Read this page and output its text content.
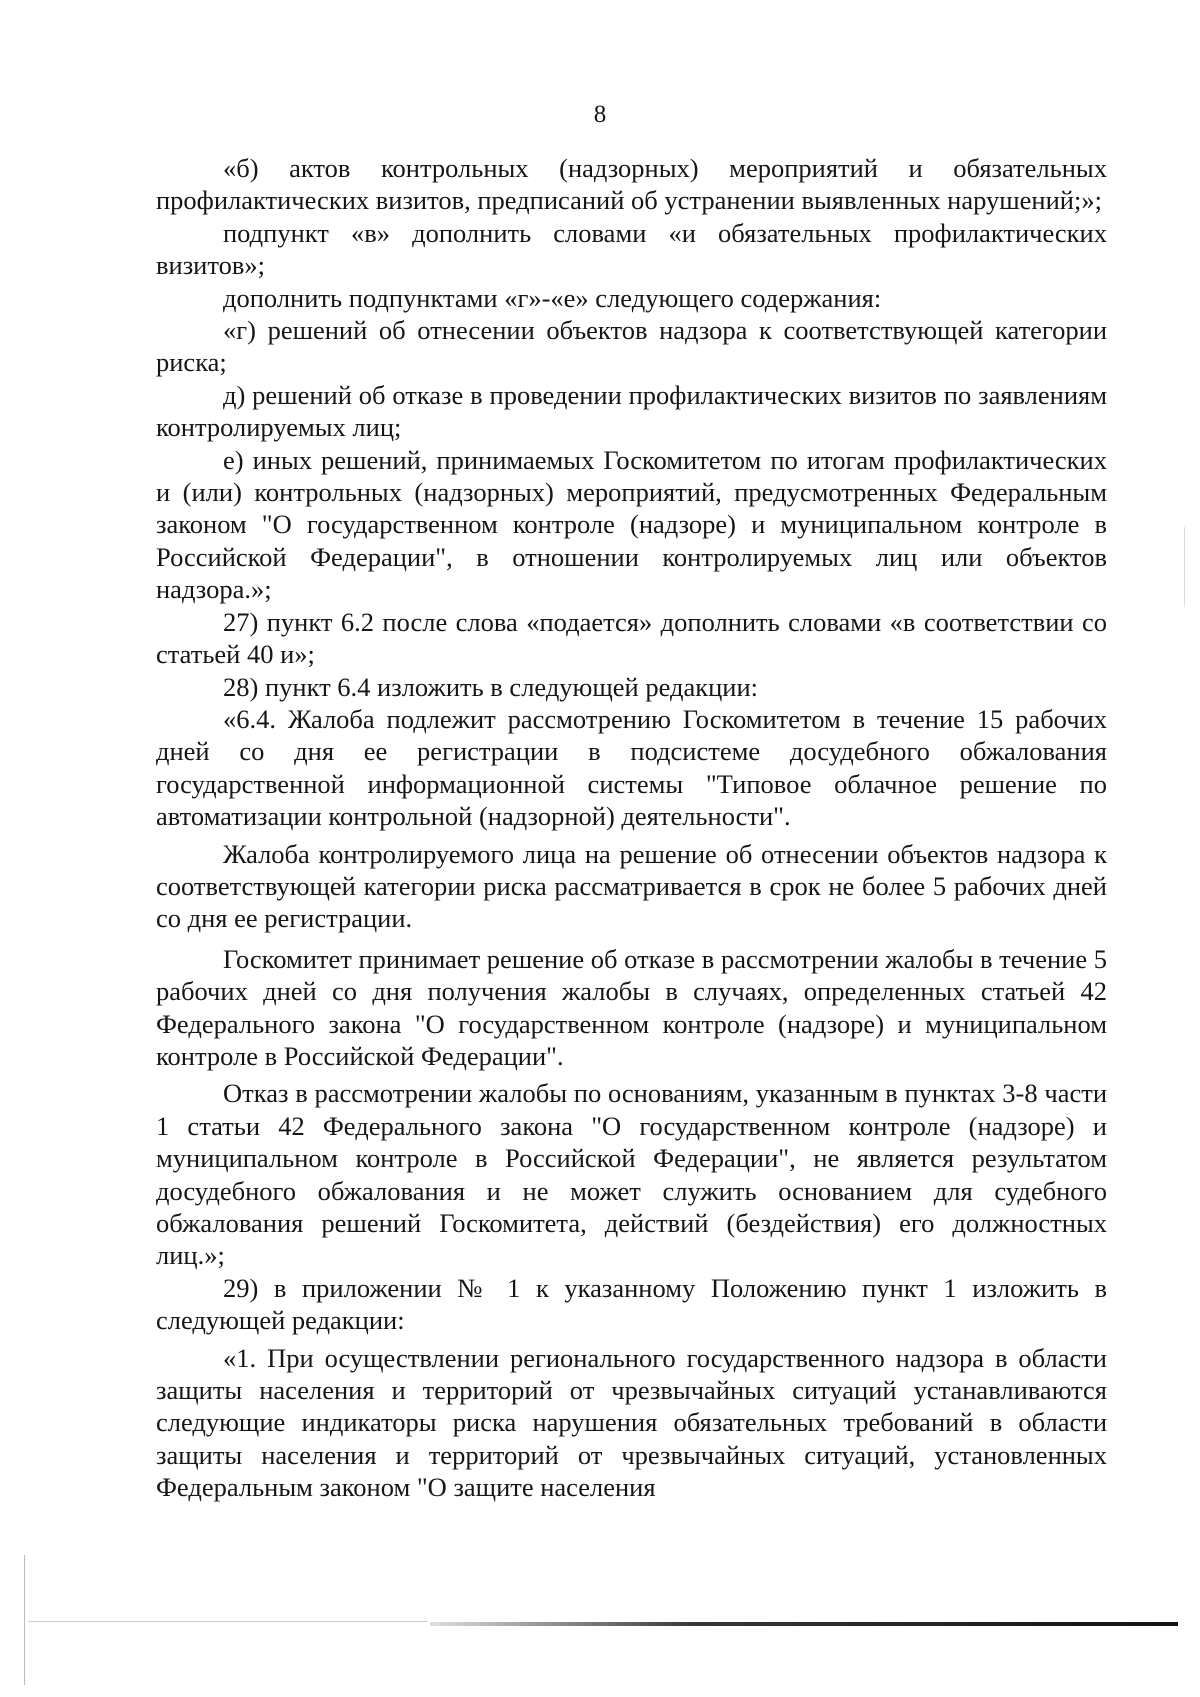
8

«б) актов контрольных (надзорных) мероприятий и обязательных профилактических визитов, предписаний об устранении выявленных нарушений;»;

подпункт «в» дополнить словами «и обязательных профилактических визитов»;

дополнить подпунктами «г»-«е» следующего содержания:

«г) решений об отнесении объектов надзора к соответствующей категории риска;

д) решений об отказе в проведении профилактических визитов по заявлениям контролируемых лиц;

е) иных решений, принимаемых Госкомитетом по итогам профилактических и (или) контрольных (надзорных) мероприятий, предусмотренных Федеральным законом "О государственном контроле (надзоре) и муниципальном контроле в Российской Федерации", в отношении контролируемых лиц или объектов надзора.»;

27) пункт 6.2 после слова «подается» дополнить словами «в соответствии со статьей 40 и»;

28) пункт 6.4 изложить в следующей редакции:

«6.4. Жалоба подлежит рассмотрению Госкомитетом в течение 15 рабочих дней со дня ее регистрации в подсистеме досудебного обжалования государственной информационной системы "Типовое облачное решение по автоматизации контрольной (надзорной) деятельности".

Жалоба контролируемого лица на решение об отнесении объектов надзора к соответствующей категории риска рассматривается в срок не более 5 рабочих дней со дня ее регистрации.

Госкомитет принимает решение об отказе в рассмотрении жалобы в течение 5 рабочих дней со дня получения жалобы в случаях, определенных статьей 42 Федерального закона "О государственном контроле (надзоре) и муниципальном контроле в Российской Федерации".

Отказ в рассмотрении жалобы по основаниям, указанным в пунктах 3-8 части 1 статьи 42 Федерального закона "О государственном контроле (надзоре) и муниципальном контроле в Российской Федерации", не является результатом досудебного обжалования и не может служить основанием для судебного обжалования решений Госкомитета, действий (бездействия) его должностных лиц.»;

29) в приложении № 1 к указанному Положению пункт 1 изложить в следующей редакции:

«1. При осуществлении регионального государственного надзора в области защиты населения и территорий от чрезвычайных ситуаций устанавливаются следующие индикаторы риска нарушения обязательных требований в области защиты населения и территорий от чрезвычайных ситуаций, установленных Федеральным законом "О защите населения
